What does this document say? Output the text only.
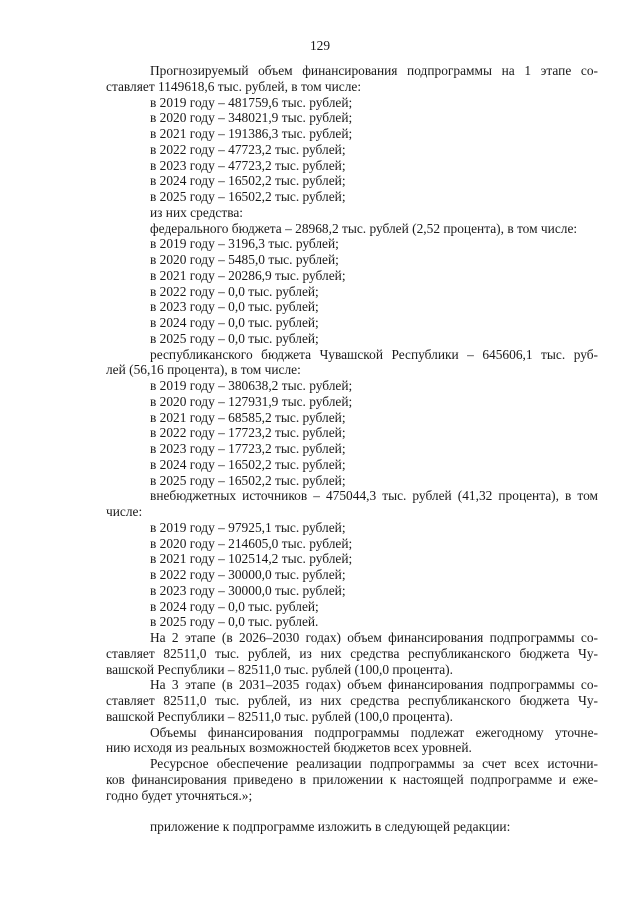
129
Прогнозируемый объем финансирования подпрограммы на 1 этапе со-
ставляет 1149618,6 тыс. рублей, в том числе:
в 2019 году – 481759,6 тыс. рублей;
в 2020 году – 348021,9 тыс. рублей;
в 2021 году – 191386,3 тыс. рублей;
в 2022 году – 47723,2 тыс. рублей;
в 2023 году – 47723,2 тыс. рублей;
в 2024 году – 16502,2 тыс. рублей;
в 2025 году – 16502,2 тыс. рублей;
из них средства:
федерального бюджета – 28968,2 тыс. рублей (2,52 процента), в том числе:
в 2019 году – 3196,3 тыс. рублей;
в 2020 году – 5485,0 тыс. рублей;
в 2021 году – 20286,9 тыс. рублей;
в 2022 году – 0,0 тыс. рублей;
в 2023 году – 0,0 тыс. рублей;
в 2024 году – 0,0 тыс. рублей;
в 2025 году – 0,0 тыс. рублей;
республиканского бюджета Чувашской Республики – 645606,1 тыс. руб-
лей (56,16 процента), в том числе:
в 2019 году – 380638,2 тыс. рублей;
в 2020 году – 127931,9 тыс. рублей;
в 2021 году – 68585,2 тыс. рублей;
в 2022 году – 17723,2 тыс. рублей;
в 2023 году – 17723,2 тыс. рублей;
в 2024 году – 16502,2 тыс. рублей;
в 2025 году – 16502,2 тыс. рублей;
внебюджетных источников – 475044,3 тыс. рублей (41,32 процента), в том
числе:
в 2019 году – 97925,1 тыс. рублей;
в 2020 году – 214605,0 тыс. рублей;
в 2021 году – 102514,2 тыс. рублей;
в 2022 году – 30000,0 тыс. рублей;
в 2023 году – 30000,0 тыс. рублей;
в 2024 году – 0,0 тыс. рублей;
в 2025 году – 0,0 тыс. рублей.
На 2 этапе (в 2026–2030 годах) объем финансирования подпрограммы со-
ставляет 82511,0 тыс. рублей, из них средства республиканского бюджета Чу-
вашской Республики – 82511,0 тыс. рублей (100,0 процента).
На 3 этапе (в 2031–2035 годах) объем финансирования подпрограммы со-
ставляет 82511,0 тыс. рублей, из них средства республиканского бюджета Чу-
вашской Республики – 82511,0 тыс. рублей (100,0 процента).
Объемы финансирования подпрограммы подлежат ежегодному уточне-
нию исходя из реальных возможностей бюджетов всех уровней.
Ресурсное обеспечение реализации подпрограммы за счет всех источни-
ков финансирования приведено в приложении к настоящей подпрограмме и еже-
годно будет уточняться.»;
приложение к подпрограмме изложить в следующей редакции:
